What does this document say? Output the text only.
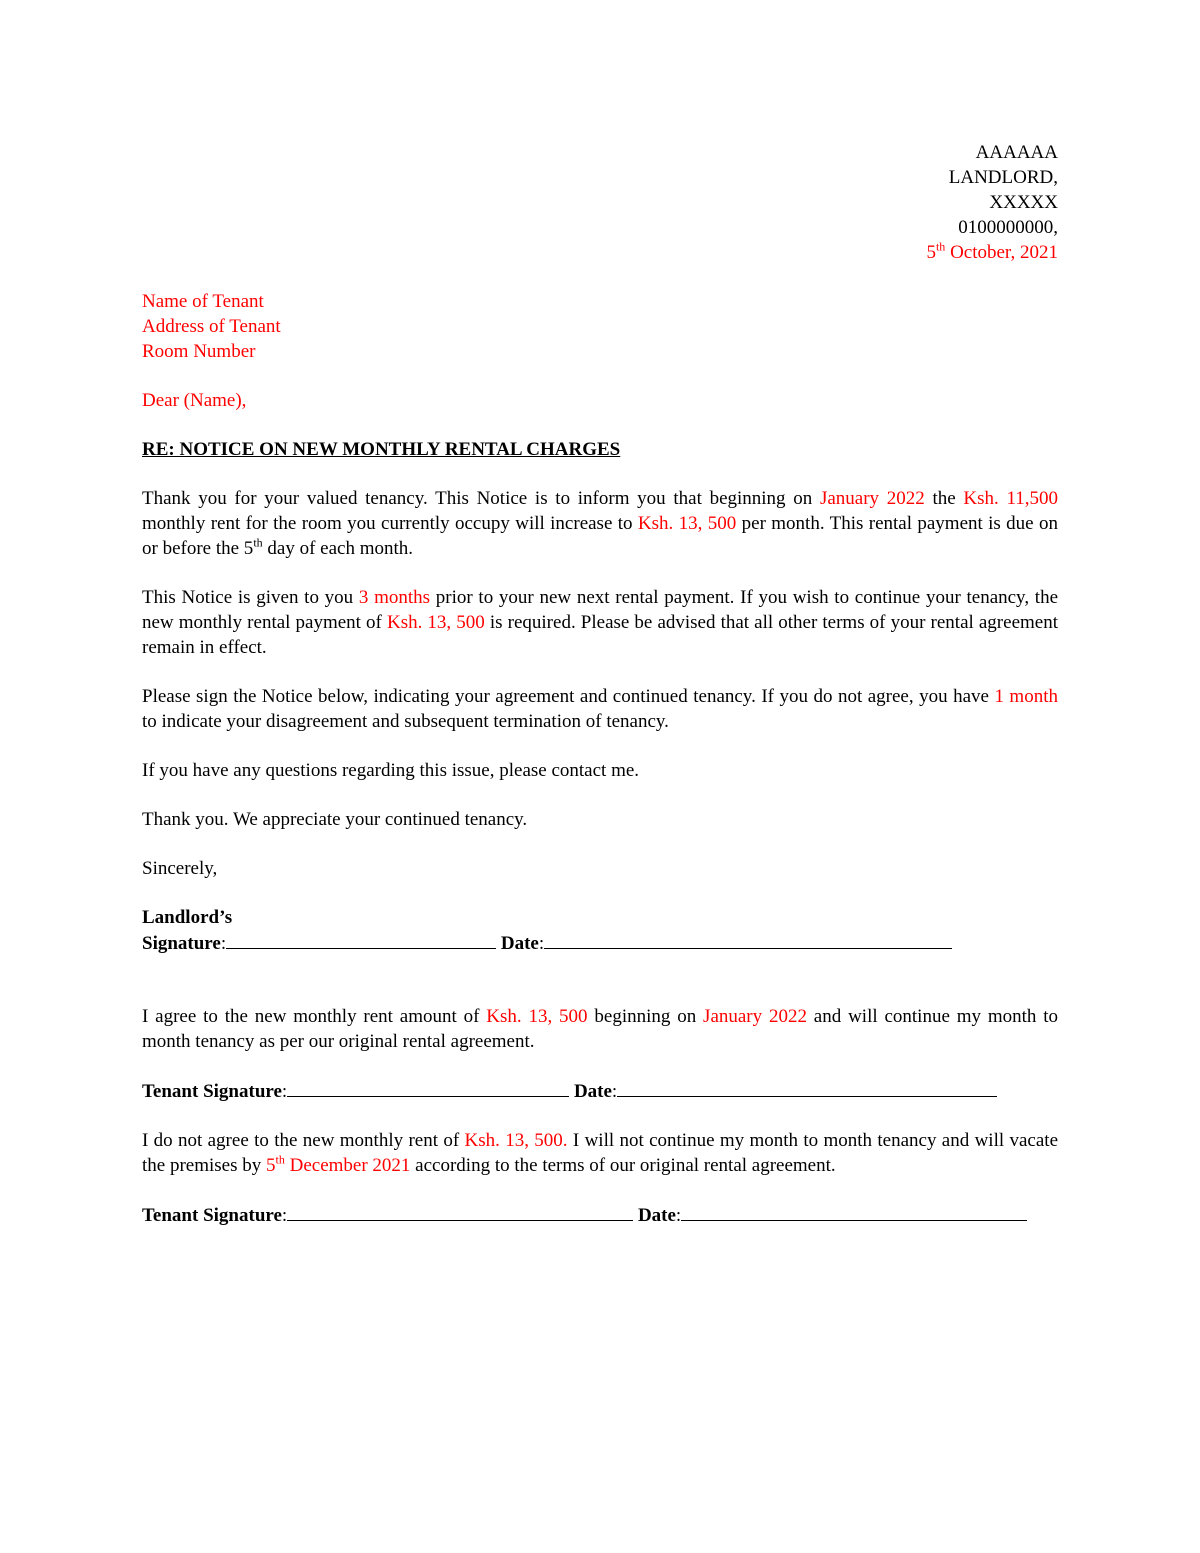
AAAAAA
LANDLORD,
XXXXX
0100000000,
5th October, 2021
Name of Tenant
Address of Tenant
Room Number
Dear (Name),
RE: NOTICE ON NEW MONTHLY RENTAL CHARGES

Thank you for your valued tenancy. This Notice is to inform you that beginning on January 2022 the Ksh. 11,500 monthly rent for the room you currently occupy will increase to Ksh. 13, 500 per month. This rental payment is due on or before the 5th day of each month.

This Notice is given to you 3 months prior to your new next rental payment. If you wish to continue your tenancy, the new monthly rental payment of Ksh. 13, 500 is required. Please be advised that all other terms of your rental agreement remain in effect.

Please sign the Notice below, indicating your agreement and continued tenancy. If you do not agree, you have 1 month to indicate your disagreement and subsequent termination of tenancy.

If you have any questions regarding this issue, please contact me.

Thank you. We appreciate your continued tenancy.

Sincerely,

Landlord’s
Signature:	Date:

I agree to the new monthly rent amount of Ksh. 13, 500 beginning on January 2022 and will continue my month to month tenancy as per our original rental agreement.

Tenant Signature:	Date:

I do not agree to the new monthly rent of Ksh. 13, 500. I will not continue my month to month tenancy and will vacate the premises by 5th December 2021 according to the terms of our original rental agreement.

Tenant Signature:	Date:
